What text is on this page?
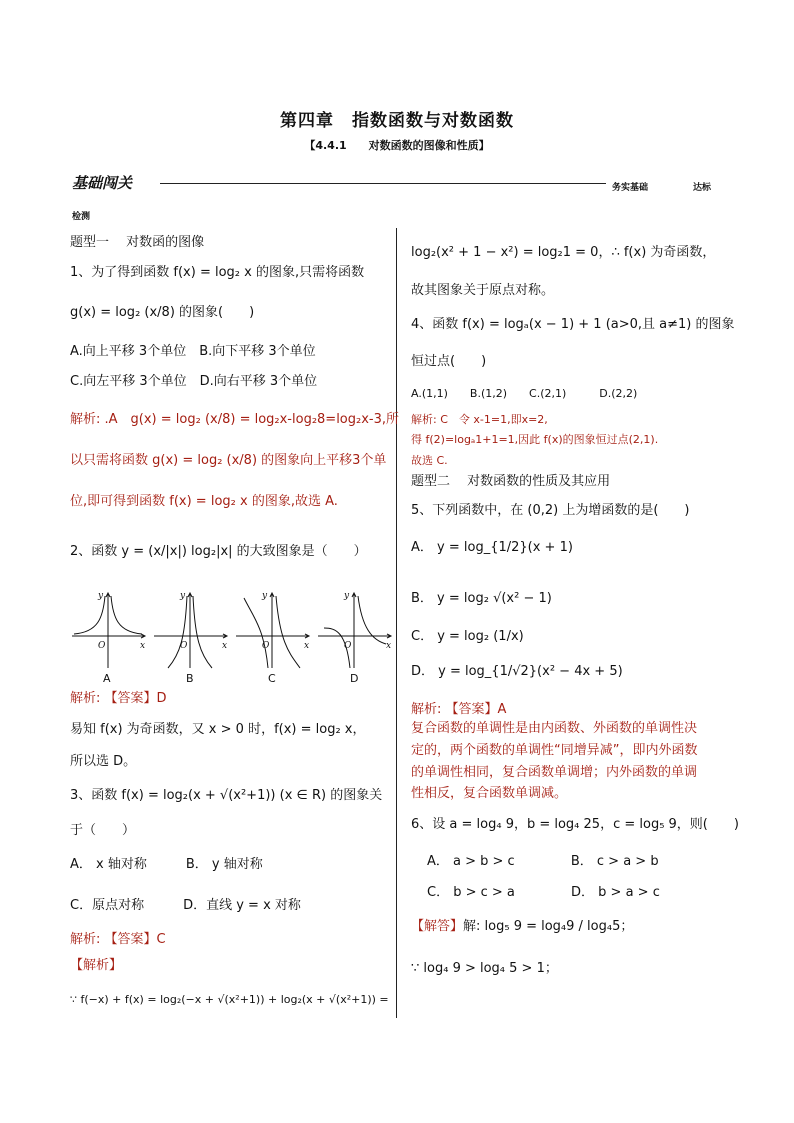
第四章　指数函数与对数函数
【4.4.1　　对数函数的图像和性质】
基础闯关	务实基础	达标
检测
题型一　 对数函的图像
1、为了得到函数 f(x) = log₂ x 的图象,只需将函数
g(x) = log₂ (x/8) 的图象(　　)
A.向上平移 3个单位　B.向下平移 3个单位
C.向左平移 3个单位　D.向右平移 3个单位
解析: .A　g(x) = log₂ (x/8) = log₂x-log₂8=log₂x-3,所
以只需将函数 g(x) = log₂ (x/8) 的图象向上平移3个单
位,即可得到函数 f(x) = log₂ x 的图象,故选 A.
2、函数 y = (x/|x|) log₂|x| 的大致图象是（　　）
y
x
O
y
x
O
y
x
O
y
x
O
A	B	C	D
解析: 【答案】D
易知 f(x) 为奇函数，又 x > 0 时，f(x) = log₂ x，
所以选 D。
3、函数 f(x) = log₂(x + √(x²+1)) (x ∈ R) 的图象关
于（　　）
A． x 轴对称　　　B． y 轴对称
C．原点对称　　　D．直线 y = x 对称
解析: 【答案】C
【解析】
∵ f(−x) + f(x) = log₂(−x + √(x²+1)) + log₂(x + √(x²+1)) =
log₂(x² + 1 − x²) = log₂1 = 0，∴ f(x) 为奇函数，
故其图象关于原点对称。
4、函数 f(x) = logₐ(x − 1) + 1 (a>0,且 a≠1) 的图象
恒过点(　　)
A.(1,1)　　B.(1,2)　　C.(2,1)　　　D.(2,2)
解析: C　令 x-1=1,即x=2,
得 f(2)=logₐ1+1=1,因此 f(x)的图象恒过点(2,1).
故选 C.
题型二　 对数函数的性质及其应用
5、下列函数中，在 (0,2) 上为增函数的是(　　)
A． y = log_{1/2}(x + 1)
B． y = log₂ √(x² − 1)
C． y = log₂ (1/x)
D． y = log_{1/√2}(x² − 4x + 5)
解析: 【答案】A
复合函数的单调性是由内函数、外函数的单调性决
定的，两个函数的单调性“同增异减”，即内外函数
的单调性相同，复合函数单调增；内外函数的单调
性相反，复合函数单调减。
6、设 a = log₄ 9，b = log₄ 25，c = log₅ 9，则(　　)
A． a > b > c　　　　 B． c > a > b
C． b > c > a　　　　 D． b > a > c
【解答】解: log₅ 9 = log₄9 / log₄5；
∵ log₄ 9 > log₄ 5 > 1；
